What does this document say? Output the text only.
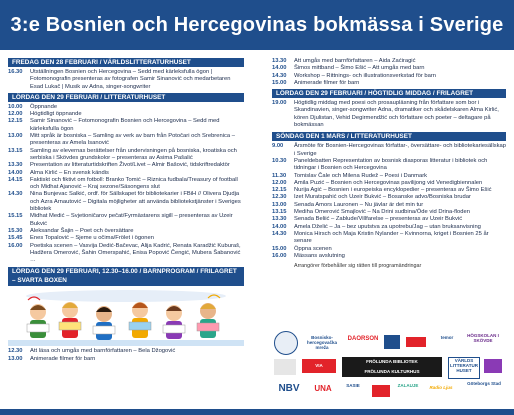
3:e Bosnien och Hercegovinas bokmässa i Sverige
FREDAG DEN 28 FEBRUARI / VÄRLDSLITTERATURHUSET
16.30	Utställningen Bosnien och Hercegovina – Sedd med kärleksfulla ögon | Fotomonografin presenteras av fotografen Samir Sinanović och medarbetaren Esad Lukač | Musik av Adna, singer-songwriter
LÖRDAG DEN 29 FEBRUARI / LITTERATURHUSET
10.00	Öppnande
12.00	Högtidligt öppnande
12.15	Samir Sinanović – Fotomonografin Bosnien och Hercegovina – Sedd med kärleksfulla ögon
13.00	Mitt språk är bosniska – Samling av verk av barn från Potočari och Srebrenica – presenteras av Amela Isanović
13.15	Samling av elevernas berättelser från undervisningen på bosniska, kroatiska och serbiska i Skövdes grundskolor – presenteras av Asima Pašalić
13.30	Presentation av litteraturtidskriften Život/Livet – Almir Bašović, tidskriftredaktör
14.00	Alma Kirlić – En svensk kändis
14.15	Faktiskt och fiktivt om fotboll: Branko Tomić – Riznica fudbala/Treasury of football och Midhat Ajanović – Kraj sezone/Säsongens slut
14.30	Nina Bunjevac Salkić, ordf. för Sällskapet för bibliotekarier i FBiH // Olivera Djudja och Azra Arnautović – Digitala möjligheter att använda bibliotekstjänster i Sveriges bibliotek
15.15	Midhat Medić – Svjetioničarov pečat/Fyrmästarens sigill – presenteras av Uzeir Bukvić
15.30	Aleksandar Šajin – Poet och översättare
15.45	Enes Topalović – Sjeme u očima/Frölet i ögonen
16.00	Poetiska scenen – Vasvija Dedić-Bačevac, Alija Kadrić, Renata Karadžić Kuburaš, Hadžera Omerović, Šahin Omerspahić, Enisa Popović Čengić, Mubera Šabanović …
LÖRDAG DEN 29 FEBRUARI, 12.30–16.00 / BARNPROGRAM / FRILAGRET – SVARTA BOXEN
12.30	Att läsa och umgås med barnförfattaren – Bela Džogović
13.00	Animerade filmer för barn
13.30	Att umgås med barnförfattaren – Aida Zaćiragić
14.00	Šimos mittband – Šimo Ešić – Att umgås med barn
14.30	Workshop – Rittnings- och illustrationsverkstad för barn
15.00	Animerade filmer för barn
LÖRDAG DEN 29 FEBRUARI / HÖGTIDLIG MIDDAG / FRILAGRET
19.00	Högtidlig middag med poesi och prosaupläsning från författare som bor i Skandinavien, singer-songwriter Adna, dramatiker och skådelskaren Alma Kirlić, kören Djulistan, Vehid Degirmendžić och författare och poeter – deltagare på bokmässan
SÖNDAG DEN 1 MARS / LITTERATURHUSET
9.00	Årsmöte för Bosnien-Hercegovinas författar-, översättare- och bibliotekariesällskap i Sverige
10.30	Paneldebatten Representation av bosnisk diasporas litteratur i bibliotek och tidningar i Bosnien och Hercegovina
11.30	Tomislav Čale och Milena Rudež – Poesi i Danmark
12.00	Amila Puzić – Bosnien och Hercegovinas pavilijong vid Venedigbiennalen
12.15	Nurija Agić – Bosnien i europeiska encyklopedier – presenteras av Šimo Ešić
12.30	Izet Muratspahić och Uzeir Bukvić – Bosanske advo/Bosniska brudar
13.00	Senada Amors Lauronen – Nu jävlar är det min tur
13.15	Mediha Omerović Smajlović – Na Drini sudbina/Öde vid Drina-floden
13.30	Senada Beliić – Zablude/Villfarelse – presenteras av Uzeir Bukvić
14.00	Amela Dželić – Ja – bez uputstva za upotrebu/Jag – utan bruksanvisning
14.30	Monica Hirsch och Maja Kristin Nylander – Kvinnorna, kriget i Bosnien 25 år senare
15.00	Öppna scenen
16.00	Mässans avslutning
Arrangörer förbehåller sig rätten till programändringar
Bosnisko-hercegovačka mreža
DAORSON	temor	HÖGSKOLAN I SKÖVDE
VIA STOCKHOLM
FRÖLUNDA BIBLIOTEK
FRÖLUNDA KULTURHUS
VÄRLDS LITTERATUR HUSET
NBV	UNA	SASIE	ZALAUJE	Radio Ljus
Göteborgs Stad
